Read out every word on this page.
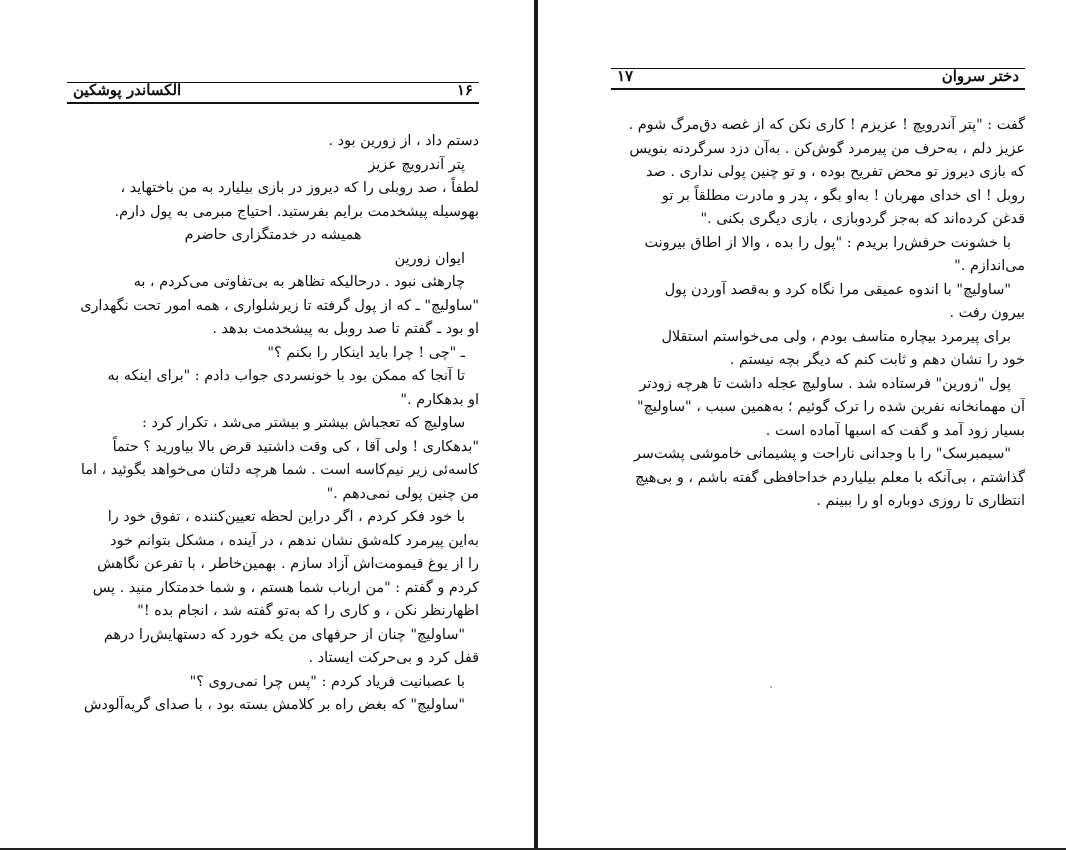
الکساندر پوشکین	۱۶
دستم داد ، از زورین بود .
پتر آندرویچ عزیز
لطفاً ، صد روبلی را که دیروز در بازی بیلیارد به من باختهاید ،
بهوسیله پیشخدمت برایم بفرستید. احتیاج مبرمی به پول دارم.
همیشه در خدمتگزاری حاضرم
ایوان زورین
چارهئی نبود . درحالیکه تظاهر به بی‌تفاوتی می‌کردم ، به
"ساولیچ" ـ که از پول گرفته تا زیرشلواری ، همه امور تحت نگهداری
او بود ـ گفتم تا صد روبل به پیشخدمت بدهد .
ـ "چی ! چرا باید اینکار را بکنم ؟"
تا آنجا که ممکن بود با خونسردی جواب دادم : "برای اینکه به
او بدهکارم ."
ساولیچ که تعجباش بیشتر و بیشتر می‌شد ، تکرار کرد :
"بدهکاری ! ولی آقا ، کی وقت داشتید قرض بالا بیاورید ؟ حتماً
کاسه‌ئی زیر نیم‌کاسه است . شما هرچه دلتان می‌خواهد بگوئید ، اما
من چنین پولی نمی‌دهم ."
با خود فکر کردم ، اگر دراین لحظه تعیین‌کننده ، تفوق خود را
به‌این پیرمرد کله‌شق نشان ندهم ، در آینده ، مشکل بتوانم خود
را از یوغ قیمومت‌اش آزاد سازم . بهمین‌خاطر ، با تفرعن نگاهش
کردم و گفتم : "من ارباب شما هستم ، و شما خدمتکار منید . پس
اظهارنظر نکن ، و کاری را که به‌تو گفته شد ، انجام بده !"
"ساولیچ" چنان از حرفهای من یکه خورد که دستهایش‌را درهم
قفل کرد و بی‌حرکت ایستاد .
با عصبانیت فریاد کردم : "پس چرا نمی‌روی ؟"
"ساولیچ" که بغض راه بر کلامش بسته بود ، با صدای گریه‌آلودش
۱۷	دختر سروان
گفت : "پتر آندرویچ ! عزیزم ! کاری نکن که از غصه دق‌مرگ شوم .
عزیز دلم ، به‌حرف من پیرمرد گوش‌کن . به‌آن دزد سرگردنه بنویس
که بازی دیروز تو محض تفریح بوده ، و تو چنین پولی نداری . صد
روبل ! ای خدای مهربان ! به‌او بگو ، پدر و مادرت مطلقاً بر تو
قدغن کرده‌اند که به‌جز گردوبازی ، بازی دیگری بکنی ."
با خشونت حرفش‌را بریدم : "پول را بده ، والا از اطاق بیرونت
می‌اندازم ."
"ساولیچ" با اندوه عمیقی مرا نگاه کرد و به‌قصد آوردن پول
بیرون رفت .
برای پیرمرد بیچاره متاسف بودم ، ولی می‌خواستم استقلال
خود را نشان دهم و ثابت کنم که دیگر بچه نیستم .
پول "زورین" فرستاده شد . ساولیچ عجله داشت تا هرچه زودتر
آن مهمانخانه نفرین شده را ترک گوئیم ؛ به‌همین سبب ، "ساولیچ"
بسیار زود آمد و گفت که اسبها آماده است .
"سیمبرسک" را با وجدانی ناراحت و پشیمانی خاموشی پشت‌سر
گذاشتم ، بی‌آنکه با معلم بیلیاردم خداحافظی گفته باشم ، و بی‌هیچ
انتظاری تا روزی دوباره او را ببینم .
